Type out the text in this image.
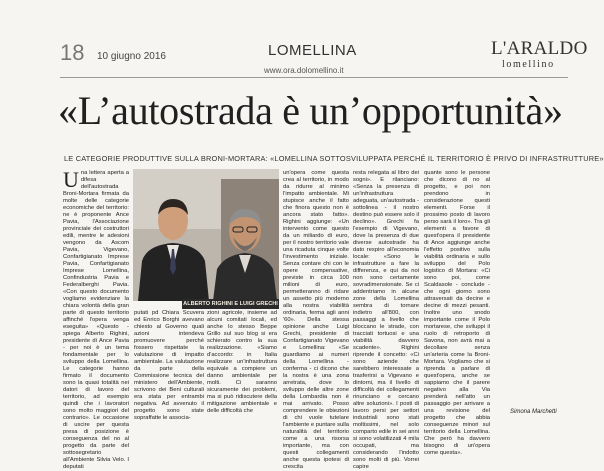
18 10 giugno 2016	LOMELLINA
www.ora.dolomellino.it
L'ARALDO
lomellino
«L’autostrada è un’opportunità»
LE CATEGORIE PRODUTTIVE SULLA BRONI-MORTARA: «LOMELLINA SOTTOSVILUPPATA PERCHÉ IL TERRITORIO È PRIVO DI INFRASTRUTTURE»
ALBERTO RIGHINI E LUIGI GRECHI
Una lettera aperta a difesa dell'autostrada Broni-Mortara firmata da molte delle categorie economiche del territorio: ne è proponente Ance Pavia, l'Associazione provinciale dei costruttori edili, mentre le adesioni vengono da Ascom Pavia, Vigevano, Confartigianato Imprese Pavia, Confartigianato Imprese Lomellina, Confindustria Pavia e Federalberghi Pavia. «Con questo documento vogliamo evidenziare la chiara volontà della gran parte di questo territorio affinché l'opera venga eseguita» «Questo - spiega Alberto Righini, presidente di Ance Pavia - per noi è un tema fondamentale per lo sviluppo della Lomellina. Le categorie hanno firmato il documento sono la quasi totalità nei datori di lavoro del territorio, ad esempio quindi che i lavoratori sono molto maggiori del contrario». Le occasione di uscire per questa presa di posizione è conseguenza del no al progetto da parte del sottosegretario all'Ambiente Silvia Velo. I deputati
putati pd Chiara Scuvera ed Enrico Borghi avevano chiesto al Governo quali azioni intendeva promuovere perché fossero rispettate la valutazione di impatto ambientale. La valutazione da parte della Commissione tecnica del ministero dell'Ambiente, scrivono dei Beni culturali era stata per entrambi negativa. Ad avvenuto il progetto sono state sopraffatte le associa-
zioni agricole, insieme ad alcuni comitati locali, ed anche lo stesso Beppe Grillo sul suo blog si era schierato contro la sua realizzazione. «Siamo d'accordo: in Italia realizzare un'infrastruttura equivale a compiere un danno ambientale per molti. Ci saranno sicuramente dei problemi, ma si può ridiscutere della mitigazione ambientale e delle difficoltà che
un'opera come questa crea al territorio, in modo da ridurre al minimo l'impatto ambientale. Mi stupisce anche il fatto che finora questo non è ancora stato fatto». Righini aggiunge: «Un intervento come questo da un miliardo di euro, per il nostro territorio vale una ricaduta cinque volte l'investimento iniziale. Senza contare chi con le opere compensative, previste in circa 100 milioni di euro, permetteranno di ridare un assetto più moderno alla nostra viabilità ordinaria, ferma agli anni '60». Della stessa opinione anche Luigi Grechi, presidente di Confartigianato Vigevano e Lomellina: «Se guardiamo ai numeri della Lomellina - conferma - ci dicono che la nostra è una zona arretrata, dove lo sviluppo delle altre zone della Lombardia non è mai arrivato. Posso comprendere le obiezioni di chi vuole tutelare l'ambiente e puntare sulla naturalità del territorio come a una risorsa importante, ma con questi collegamenti anche questa ipotesi di crescita
resta relegata al libro dei sogni». E rilanciano: «Senza la presenza di un'infrastruttura adeguata, un'autostrada - sottolinea - il nostro destino può essere solo il declino». Grechi fa l'esempio di Vigevano, dove la presenza di due diverse autostrade ha dato respiro all'economia locale: «Sono le infrastrutture a fare la differenza, e qui da noi non sono certamente sovradimensionate. Se ci addentriamo in alcune zone della Lomellina sembra di tornare indietro all'800, con passaggi a livello che bloccano le strade, con tracciati tortuosi e una viabilità davvero scadente». Righini riprende il concetto: «Ci sono aziende che sarebbero interessate a trasferirsi a Vigevano e dintorni, ma il livello di difficoltà dei collegamenti rinunciano e cercano altre soluzioni». I posti di lavoro persi per settori industriali sono stati moltissimi, nel solo comparto edile in sei anni si sono volatilizzati 4 mila occupati, ma considerando l'indotto sono molti di più. Vorrei capire
quante sono le persone che dicono di no al progetto, e poi non prendono in considerazione questi elementi. Forse il prossimo posto di lavoro perso sarà il loro». Tra gli elementi a favore di quest'opera il presidente di Ance aggiunge anche l'effetto positivo sulla viabilità ordinaria e sullo sviluppo del Polo logistico di Mortara: «Ci sono poi, come Scaldasole - conclude - che ogni giorno sono attraversati da decine e decine di mezzi pesanti. Inoltre uno snodo importante come il Polo mortarese, che sviluppi il ruolo di retroporto di Savona, non avrà mai a decollare senza un'arteria come la Broni-Mortara. Vogliamo che si riprenda a parlare di quest'opera, anche se sappiamo che il parere negativo alla Via prenderà nell'atto un passaggio per arrivare a una revisione del progetto che abbia conseguenze minori sul territorio della Lomellina. Che però ha davvero bisogno di un'opera come questa».
Simona Marchetti
